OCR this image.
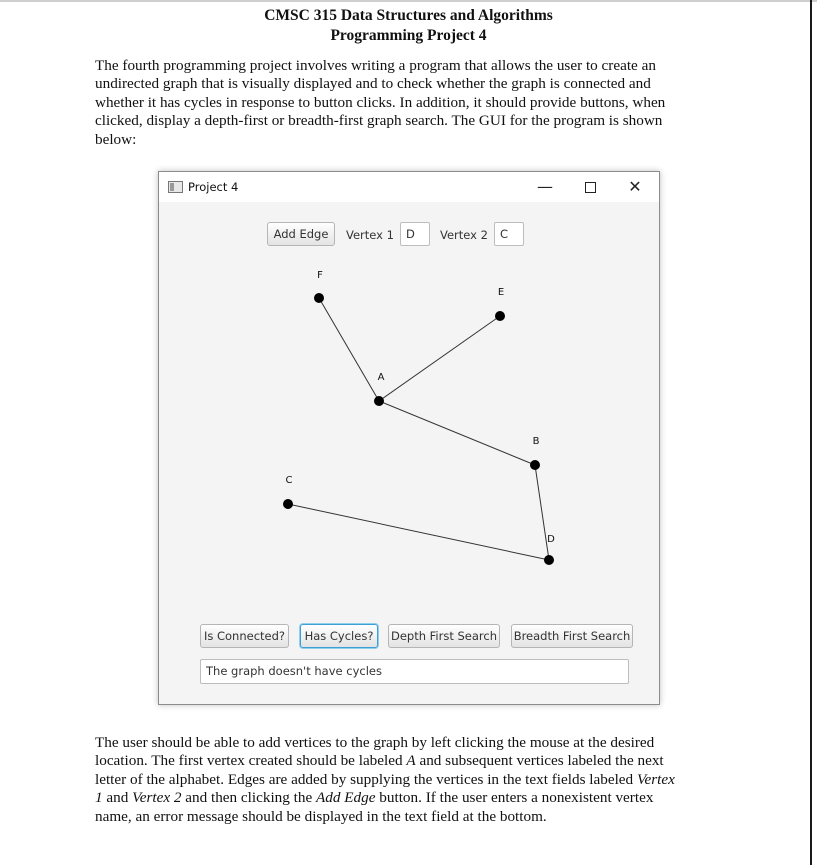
CMSC 315 Data Structures and Algorithms
Programming Project 4
The fourth programming project involves writing a program that allows the user to create an
undirected graph that is visually displayed and to check whether the graph is connected and
whether it has cycles in response to button clicks. In addition, it should provide buttons, when
clicked, display a depth-first or breadth-first graph search. The GUI for the program is shown
below:
Project 4	—	✕
Add Edge	Vertex 1	D	Vertex 2	C
A
B
C
D
E
F
Is Connected?	Has Cycles?	Depth First Search Breadth First Search
The graph doesn't have cycles
The user should be able to add vertices to the graph by left clicking the mouse at the desired
location. The first vertex created should be labeled A and subsequent vertices labeled the next
letter of the alphabet. Edges are added by supplying the vertices in the text fields labeled Vertex
1 and Vertex 2 and then clicking the Add Edge button. If the user enters a nonexistent vertex
name, an error message should be displayed in the text field at the bottom.
